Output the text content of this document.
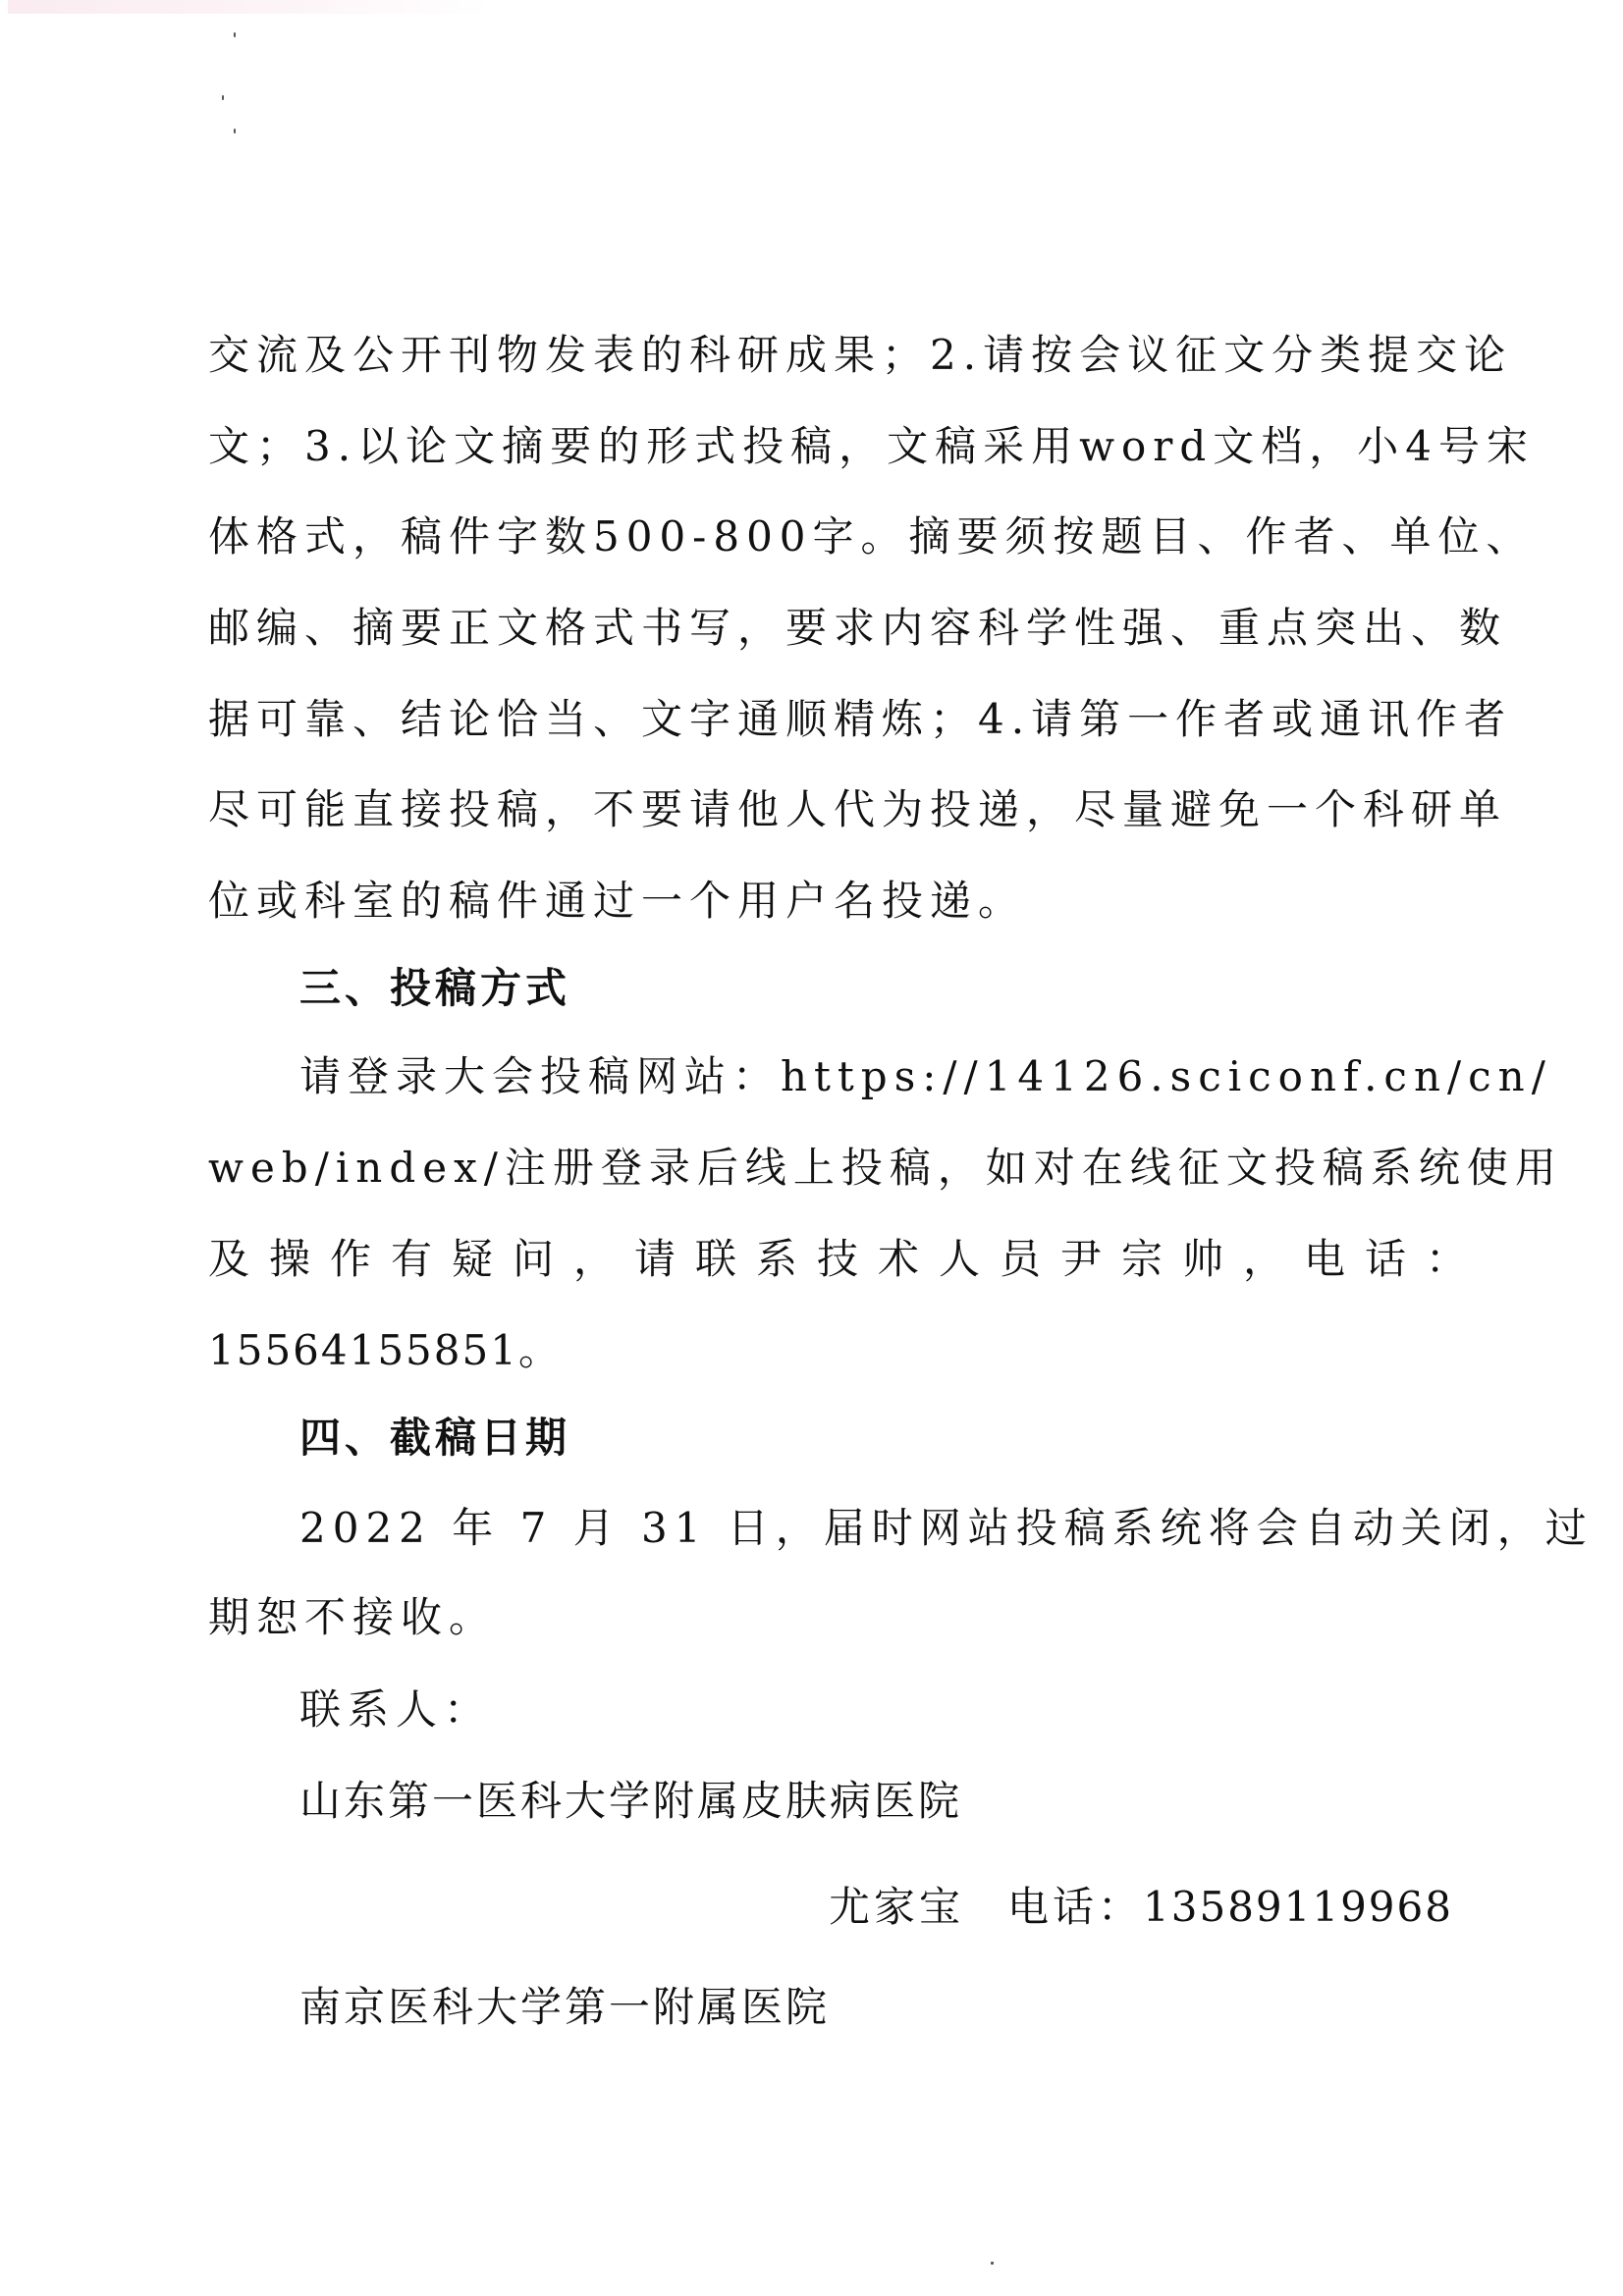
交流及公开刊物发表的科研成果；2.请按会议征文分类提交论
文；3.以论文摘要的形式投稿，文稿采用word文档，小4号宋
体格式，稿件字数500-800字。摘要须按题目、作者、单位、
邮编、摘要正文格式书写，要求内容科学性强、重点突出、数
据可靠、结论恰当、文字通顺精炼；4.请第一作者或通讯作者
尽可能直接投稿，不要请他人代为投递，尽量避免一个科研单
位或科室的稿件通过一个用户名投递。
三、投稿方式
请登录大会投稿网站：https://14126.sciconf.cn/cn/
web/index/注册登录后线上投稿，如对在线征文投稿系统使用
及操作有疑问，请联系技术人员尹宗帅，电话：
15564155851。
四、截稿日期
2022 年 7 月 31 日，届时网站投稿系统将会自动关闭，过
期恕不接收。
联系人：
山东第一医科大学附属皮肤病医院
尤家宝 电话：13589119968
南京医科大学第一附属医院
